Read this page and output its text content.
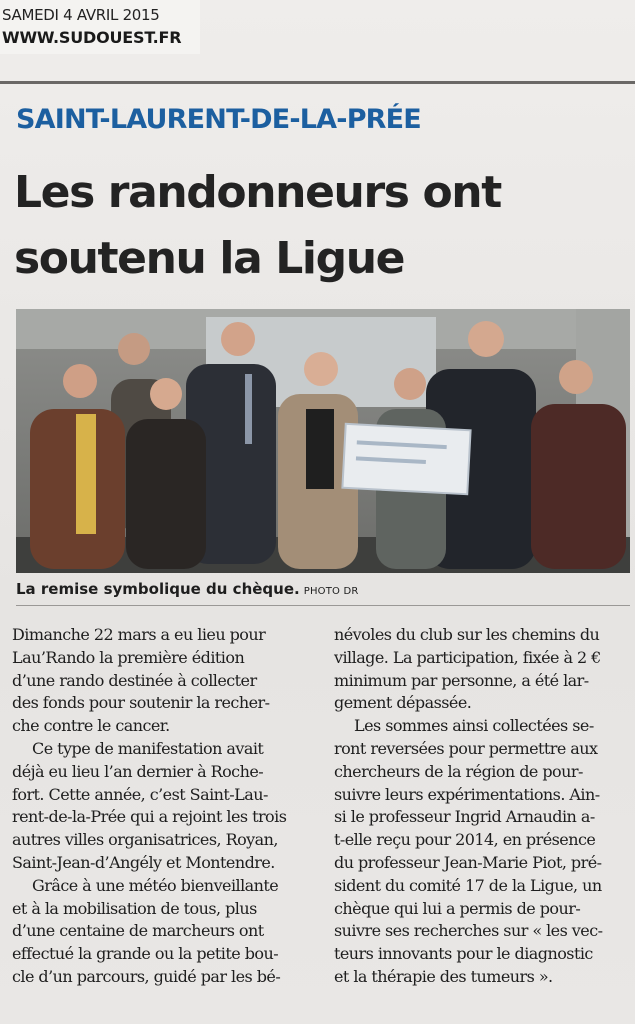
SAMEDI 4 AVRIL 2015
WWW.SUDOUEST.FR

SAINT-LAURENT-DE-LA-PRÉE
Les randonneurs ont
soutenu la Ligue
La remise symbolique du chèque. PHOTO DR
Dimanche 22 mars a eu lieu pour
Lau’Rando la première édition
d’une rando destinée à collecter
des fonds pour soutenir la recher-
che contre le cancer.
Ce type de manifestation avait
déjà eu lieu l’an dernier à Roche-
fort. Cette année, c’est Saint-Lau-
rent-de-la-Prée qui a rejoint les trois
autres villes organisatrices, Royan,
Saint-Jean-d’Angély et Montendre.
Grâce à une météo bienveillante
et à la mobilisation de tous, plus
d’une centaine de marcheurs ont
effectué la grande ou la petite bou-
cle d’un parcours, guidé par les bé-
névoles du club sur les chemins du
village. La participation, fixée à 2 €
minimum par personne, a été lar-
gement dépassée.
Les sommes ainsi collectées se-
ront reversées pour permettre aux
chercheurs de la région de pour-
suivre leurs expérimentations. Ain-
si le professeur Ingrid Arnaudin a-
t-elle reçu pour 2014, en présence
du professeur Jean-Marie Piot, pré-
sident du comité 17 de la Ligue, un
chèque qui lui a permis de pour-
suivre ses recherches sur « les vec-
teurs innovants pour le diagnostic
et la thérapie des tumeurs ».
